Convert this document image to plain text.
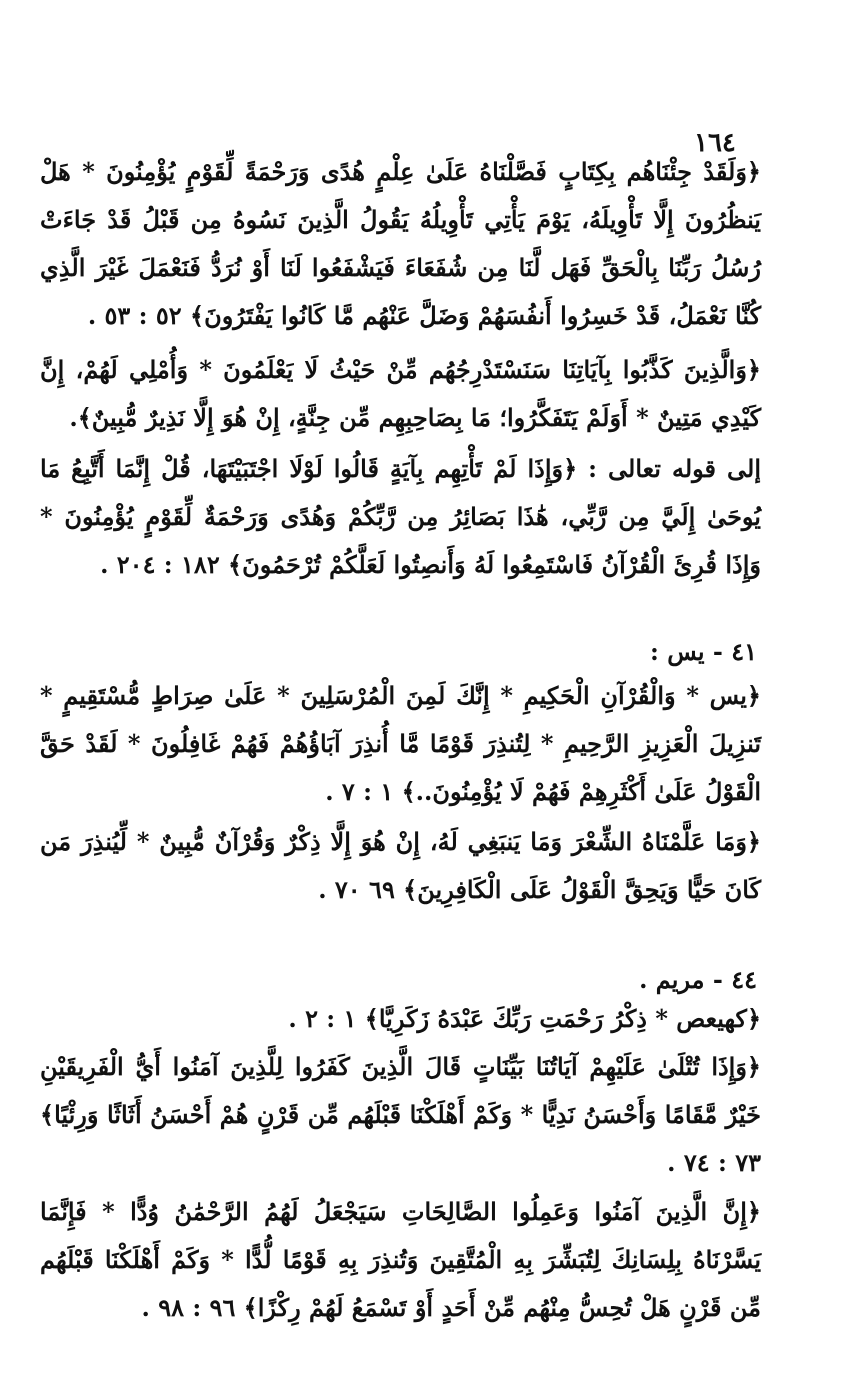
١٦٤

﴿وَلَقَدْ جِئْنَاهُم بِكِتَابٍ فَصَّلْنَاهُ عَلَىٰ عِلْمٍ هُدًى وَرَحْمَةً لِّقَوْمٍ يُؤْمِنُونَ * هَلْ يَنظُرُونَ إِلَّا تَأْوِيلَهُ، يَوْمَ يَأْتِي تَأْوِيلُهُ يَقُولُ الَّذِينَ نَسُوهُ مِن قَبْلُ قَدْ جَاءَتْ رُسُلُ رَبِّنَا بِالْحَقِّ فَهَل لَّنَا مِن شُفَعَاءَ فَيَشْفَعُوا لَنَا أَوْ نُرَدُّ فَنَعْمَلَ غَيْرَ الَّذِي كُنَّا نَعْمَلُ، قَدْ خَسِرُوا أَنفُسَهُمْ وَضَلَّ عَنْهُم مَّا كَانُوا يَفْتَرُونَ﴾ ٥٢ : ٥٣ .

﴿وَالَّذِينَ كَذَّبُوا بِآيَاتِنَا سَنَسْتَدْرِجُهُم مِّنْ حَيْثُ لَا يَعْلَمُونَ * وَأُمْلِي لَهُمْ، إِنَّ كَيْدِي مَتِينٌ * أَوَلَمْ يَتَفَكَّرُوا؛ مَا بِصَاحِبِهِم مِّن جِنَّةٍ، إِنْ هُوَ إِلَّا نَذِيرٌ مُّبِينٌ﴾.

إلى قوله تعالى : ﴿وَإِذَا لَمْ تَأْتِهِم بِآيَةٍ قَالُوا لَوْلَا اجْتَبَيْتَهَا، قُلْ إِنَّمَا أَتَّبِعُ مَا يُوحَىٰ إِلَيَّ مِن رَّبِّي، هَٰذَا بَصَائِرُ مِن رَّبِّكُمْ وَهُدًى وَرَحْمَةٌ لِّقَوْمٍ يُؤْمِنُونَ * وَإِذَا قُرِئَ الْقُرْآنُ فَاسْتَمِعُوا لَهُ وَأَنصِتُوا لَعَلَّكُمْ تُرْحَمُونَ﴾ ١٨٢ : ٢٠٤ .

٤١ - يس :

﴿يس * وَالْقُرْآنِ الْحَكِيمِ * إِنَّكَ لَمِنَ الْمُرْسَلِينَ * عَلَىٰ صِرَاطٍ مُّسْتَقِيمٍ * تَنزِيلَ الْعَزِيزِ الرَّحِيمِ * لِتُنذِرَ قَوْمًا مَّا أُنذِرَ آبَاؤُهُمْ فَهُمْ غَافِلُونَ * لَقَدْ حَقَّ الْقَوْلُ عَلَىٰ أَكْثَرِهِمْ فَهُمْ لَا يُؤْمِنُونَ..﴾ ١ : ٧ .

﴿وَمَا عَلَّمْنَاهُ الشِّعْرَ وَمَا يَنبَغِي لَهُ، إِنْ هُوَ إِلَّا ذِكْرٌ وَقُرْآنٌ مُّبِينٌ * لِّيُنذِرَ مَن كَانَ حَيًّا وَيَحِقَّ الْقَوْلُ عَلَى الْكَافِرِينَ﴾ ٦٩ ٧٠ .

٤٤ - مريم .

﴿كهيعص * ذِكْرُ رَحْمَتِ رَبِّكَ عَبْدَهُ زَكَرِيَّا﴾ ١ : ٢ .

﴿وَإِذَا تُتْلَىٰ عَلَيْهِمْ آيَاتُنَا بَيِّنَاتٍ قَالَ الَّذِينَ كَفَرُوا لِلَّذِينَ آمَنُوا أَيُّ الْفَرِيقَيْنِ خَيْرٌ مَّقَامًا وَأَحْسَنُ نَدِيًّا * وَكَمْ أَهْلَكْنَا قَبْلَهُم مِّن قَرْنٍ هُمْ أَحْسَنُ أَثَاثًا وَرِئْيًا﴾ ٧٣ : ٧٤ .

﴿إِنَّ الَّذِينَ آمَنُوا وَعَمِلُوا الصَّالِحَاتِ سَيَجْعَلُ لَهُمُ الرَّحْمَٰنُ وُدًّا * فَإِنَّمَا يَسَّرْنَاهُ بِلِسَانِكَ لِتُبَشِّرَ بِهِ الْمُتَّقِينَ وَتُنذِرَ بِهِ قَوْمًا لُّدًّا * وَكَمْ أَهْلَكْنَا قَبْلَهُم مِّن قَرْنٍ هَلْ تُحِسُّ مِنْهُم مِّنْ أَحَدٍ أَوْ تَسْمَعُ لَهُمْ رِكْزًا﴾ ٩٦ : ٩٨ .
